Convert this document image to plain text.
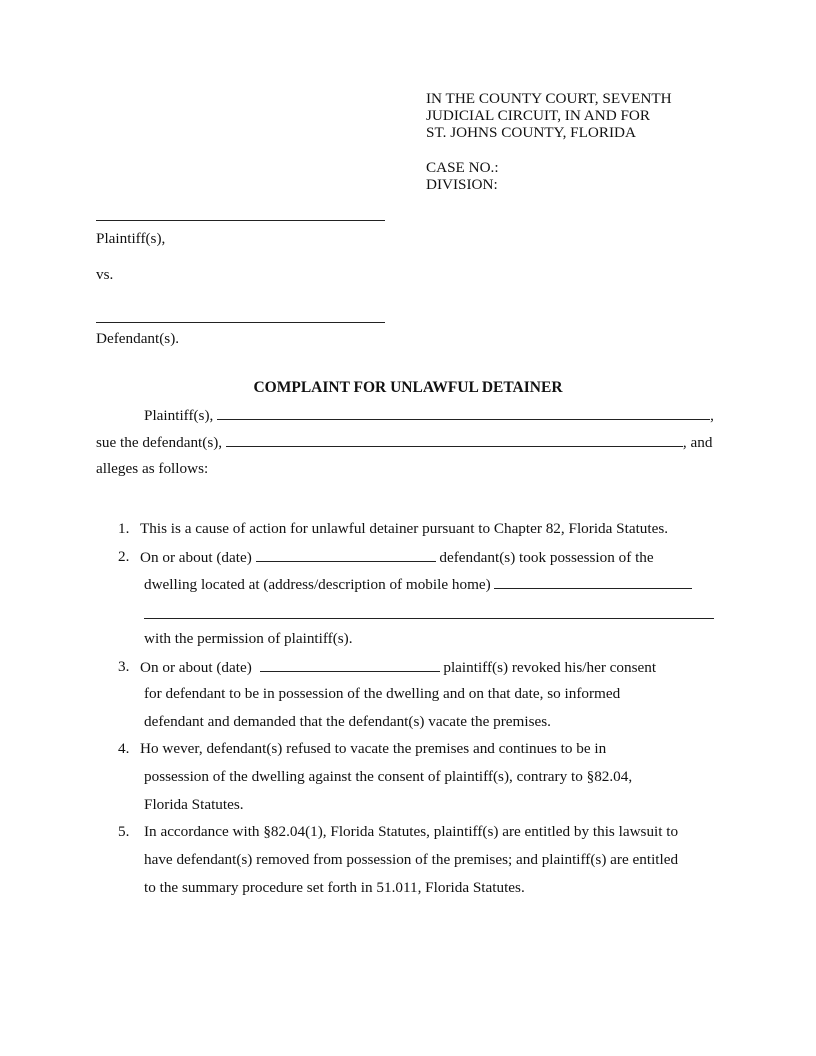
IN THE COUNTY COURT, SEVENTH
JUDICIAL CIRCUIT, IN AND FOR
ST. JOHNS COUNTY, FLORIDA
CASE NO.:
DIVISION:
Plaintiff(s),
vs.
Defendant(s).
COMPLAINT FOR UNLAWFUL DETAINER
Plaintiff(s),	,
sue the defendant(s),	, and
alleges as follows:
1. This is a cause of action for unlawful detainer pursuant to Chapter 82, Florida Statutes.
2. On or about (date)	defendant(s) took possession of the
dwelling located at (address/description of mobile home)
with the permission of plaintiff(s).
3. On or about (date)	plaintiff(s) revoked his/her consent
for defendant to be in possession of the dwelling and on that date, so informed
defendant and demanded that the defendant(s) vacate the premises.
4. Ho wever, defendant(s) refused to vacate the premises and continues to be in
possession of the dwelling against the consent of plaintiff(s), contrary to §82.04,
Florida Statutes.
5. In accordance with §82.04(1), Florida Statutes, plaintiff(s) are entitled by this lawsuit to
have defendant(s) removed from possession of the premises; and plaintiff(s) are entitled
to the summary procedure set forth in 51.011, Florida Statutes.
